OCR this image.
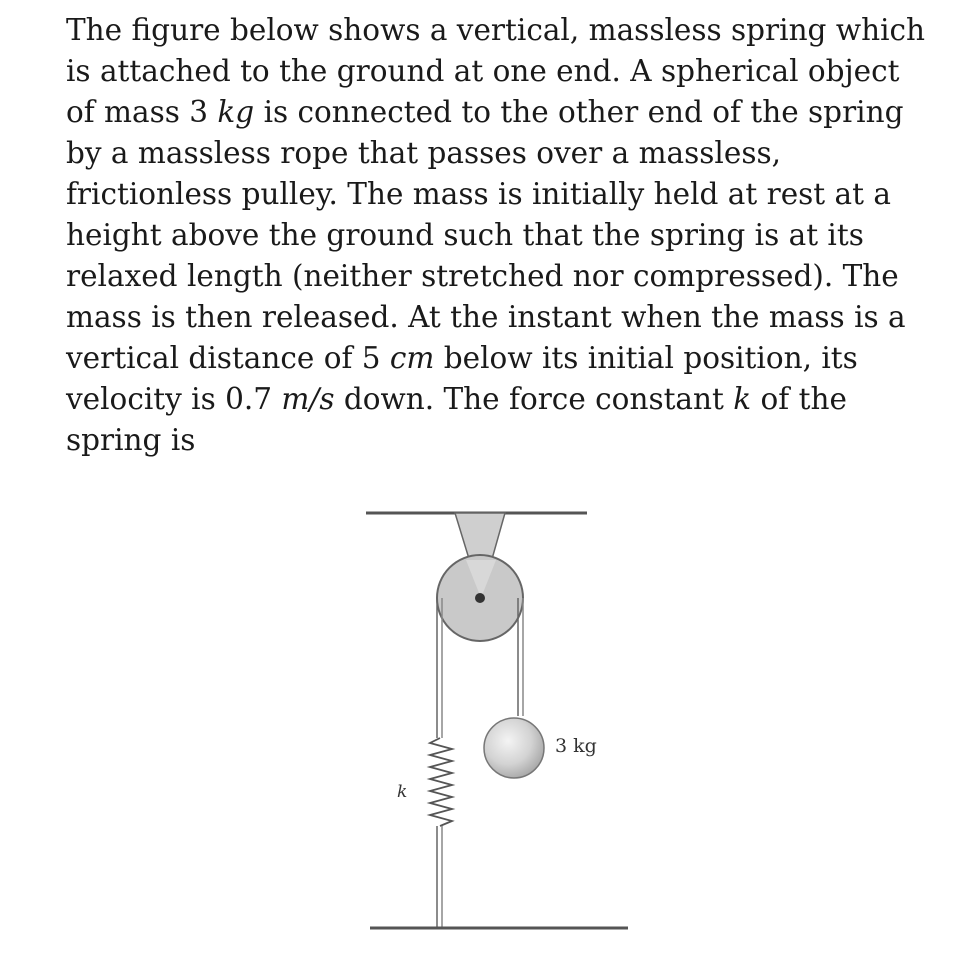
The figure below shows a vertical, massless spring which
is attached to the ground at one end. A spherical object
of mass 3 kg is connected to the other end of the spring
by a massless rope that passes over a massless,
frictionless pulley. The mass is initially held at rest at a
height above the ground such that the spring is at its
relaxed length (neither stretched nor compressed). The
mass is then released. At the instant when the mass is a
vertical distance of 5 cm below its initial position, its
velocity is 0.7 m/s down. The force constant k of the
spring is
3 kg
k
